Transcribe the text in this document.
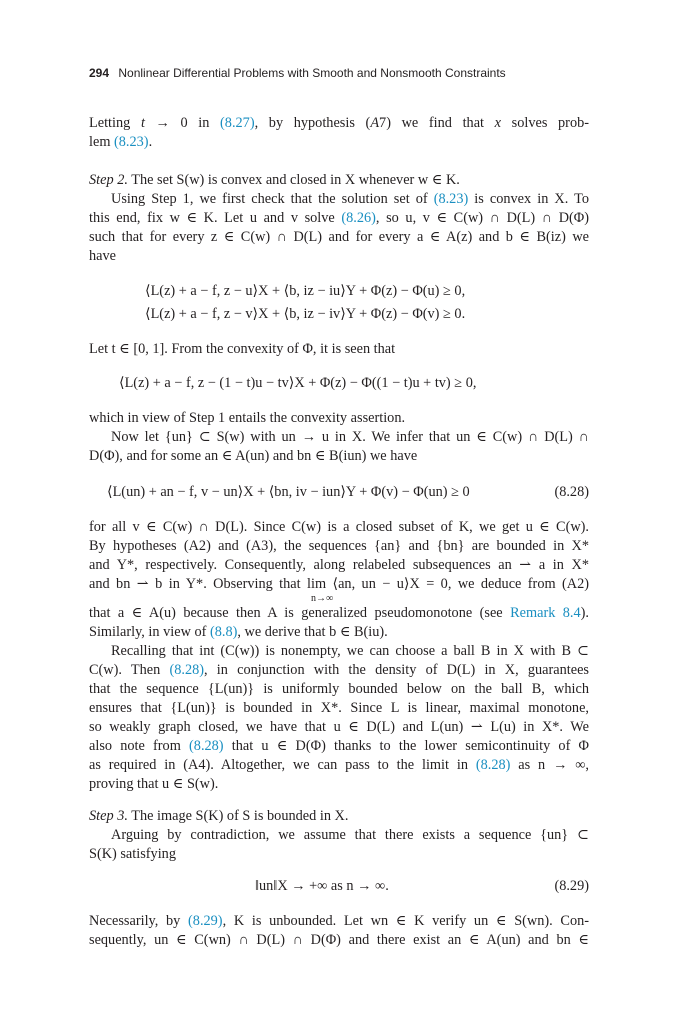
294 Nonlinear Differential Problems with Smooth and Nonsmooth Constraints
Letting t → 0 in (8.27), by hypothesis (A7) we find that x solves prob-
lem (8.23).
Step 2. The set S(w) is convex and closed in X whenever w ∈ K.
Using Step 1, we first check that the solution set of (8.23) is convex in X. To
this end, fix w ∈ K. Let u and v solve (8.26), so u, v ∈ C(w) ∩ D(L) ∩ D(Φ)
such that for every z ∈ C(w) ∩ D(L) and for every a ∈ A(z) and b ∈ B(iz) we
have
⟨L(z) + a − f, z − u⟩X + ⟨b, iz − iu⟩Y + Φ(z) − Φ(u) ≥ 0,
⟨L(z) + a − f, z − v⟩X + ⟨b, iz − iv⟩Y + Φ(z) − Φ(v) ≥ 0.
Let t ∈ [0, 1]. From the convexity of Φ, it is seen that
⟨L(z) + a − f, z − (1 − t)u − tv⟩X + Φ(z) − Φ((1 − t)u + tv) ≥ 0,
which in view of Step 1 entails the convexity assertion.
Now let {un} ⊂ S(w) with un → u in X. We infer that un ∈ C(w) ∩ D(L) ∩
D(Φ), and for some an ∈ A(un) and bn ∈ B(iun) we have
⟨L(un) + an − f, v − un⟩X + ⟨bn, iv − iun⟩Y + Φ(v) − Φ(un) ≥ 0	(8.28)
for all v ∈ C(w) ∩ D(L). Since C(w) is a closed subset of K, we get u ∈ C(w).
By hypotheses (A2) and (A3), the sequences {an} and {bn} are bounded in X*
and Y*, respectively. Consequently, along relabeled subsequences an ⇀ a in X*
and bn ⇀ b in Y*. Observing that lim ⟨an, un − u⟩X = 0, we deduce from (A2)
n→∞
that a ∈ A(u) because then A is generalized pseudomonotone (see Remark 8.4).
Similarly, in view of (8.8), we derive that b ∈ B(iu).
Recalling that int (C(w)) is nonempty, we can choose a ball B in X with B ⊂
C(w). Then (8.28), in conjunction with the density of D(L) in X, guarantees
that the sequence {L(un)} is uniformly bounded below on the ball B, which
ensures that {L(un)} is bounded in X*. Since L is linear, maximal monotone,
so weakly graph closed, we have that u ∈ D(L) and L(un) ⇀ L(u) in X*. We
also note from (8.28) that u ∈ D(Φ) thanks to the lower semicontinuity of Φ
as required in (A4). Altogether, we can pass to the limit in (8.28) as n → ∞,
proving that u ∈ S(w).
Step 3. The image S(K) of S is bounded in X.
Arguing by contradiction, we assume that there exists a sequence {un} ⊂
S(K) satisfying
‖un‖X → +∞ as n → ∞.	(8.29)
Necessarily, by (8.29), K is unbounded. Let wn ∈ K verify un ∈ S(wn). Con-
sequently, un ∈ C(wn) ∩ D(L) ∩ D(Φ) and there exist an ∈ A(un) and bn ∈
